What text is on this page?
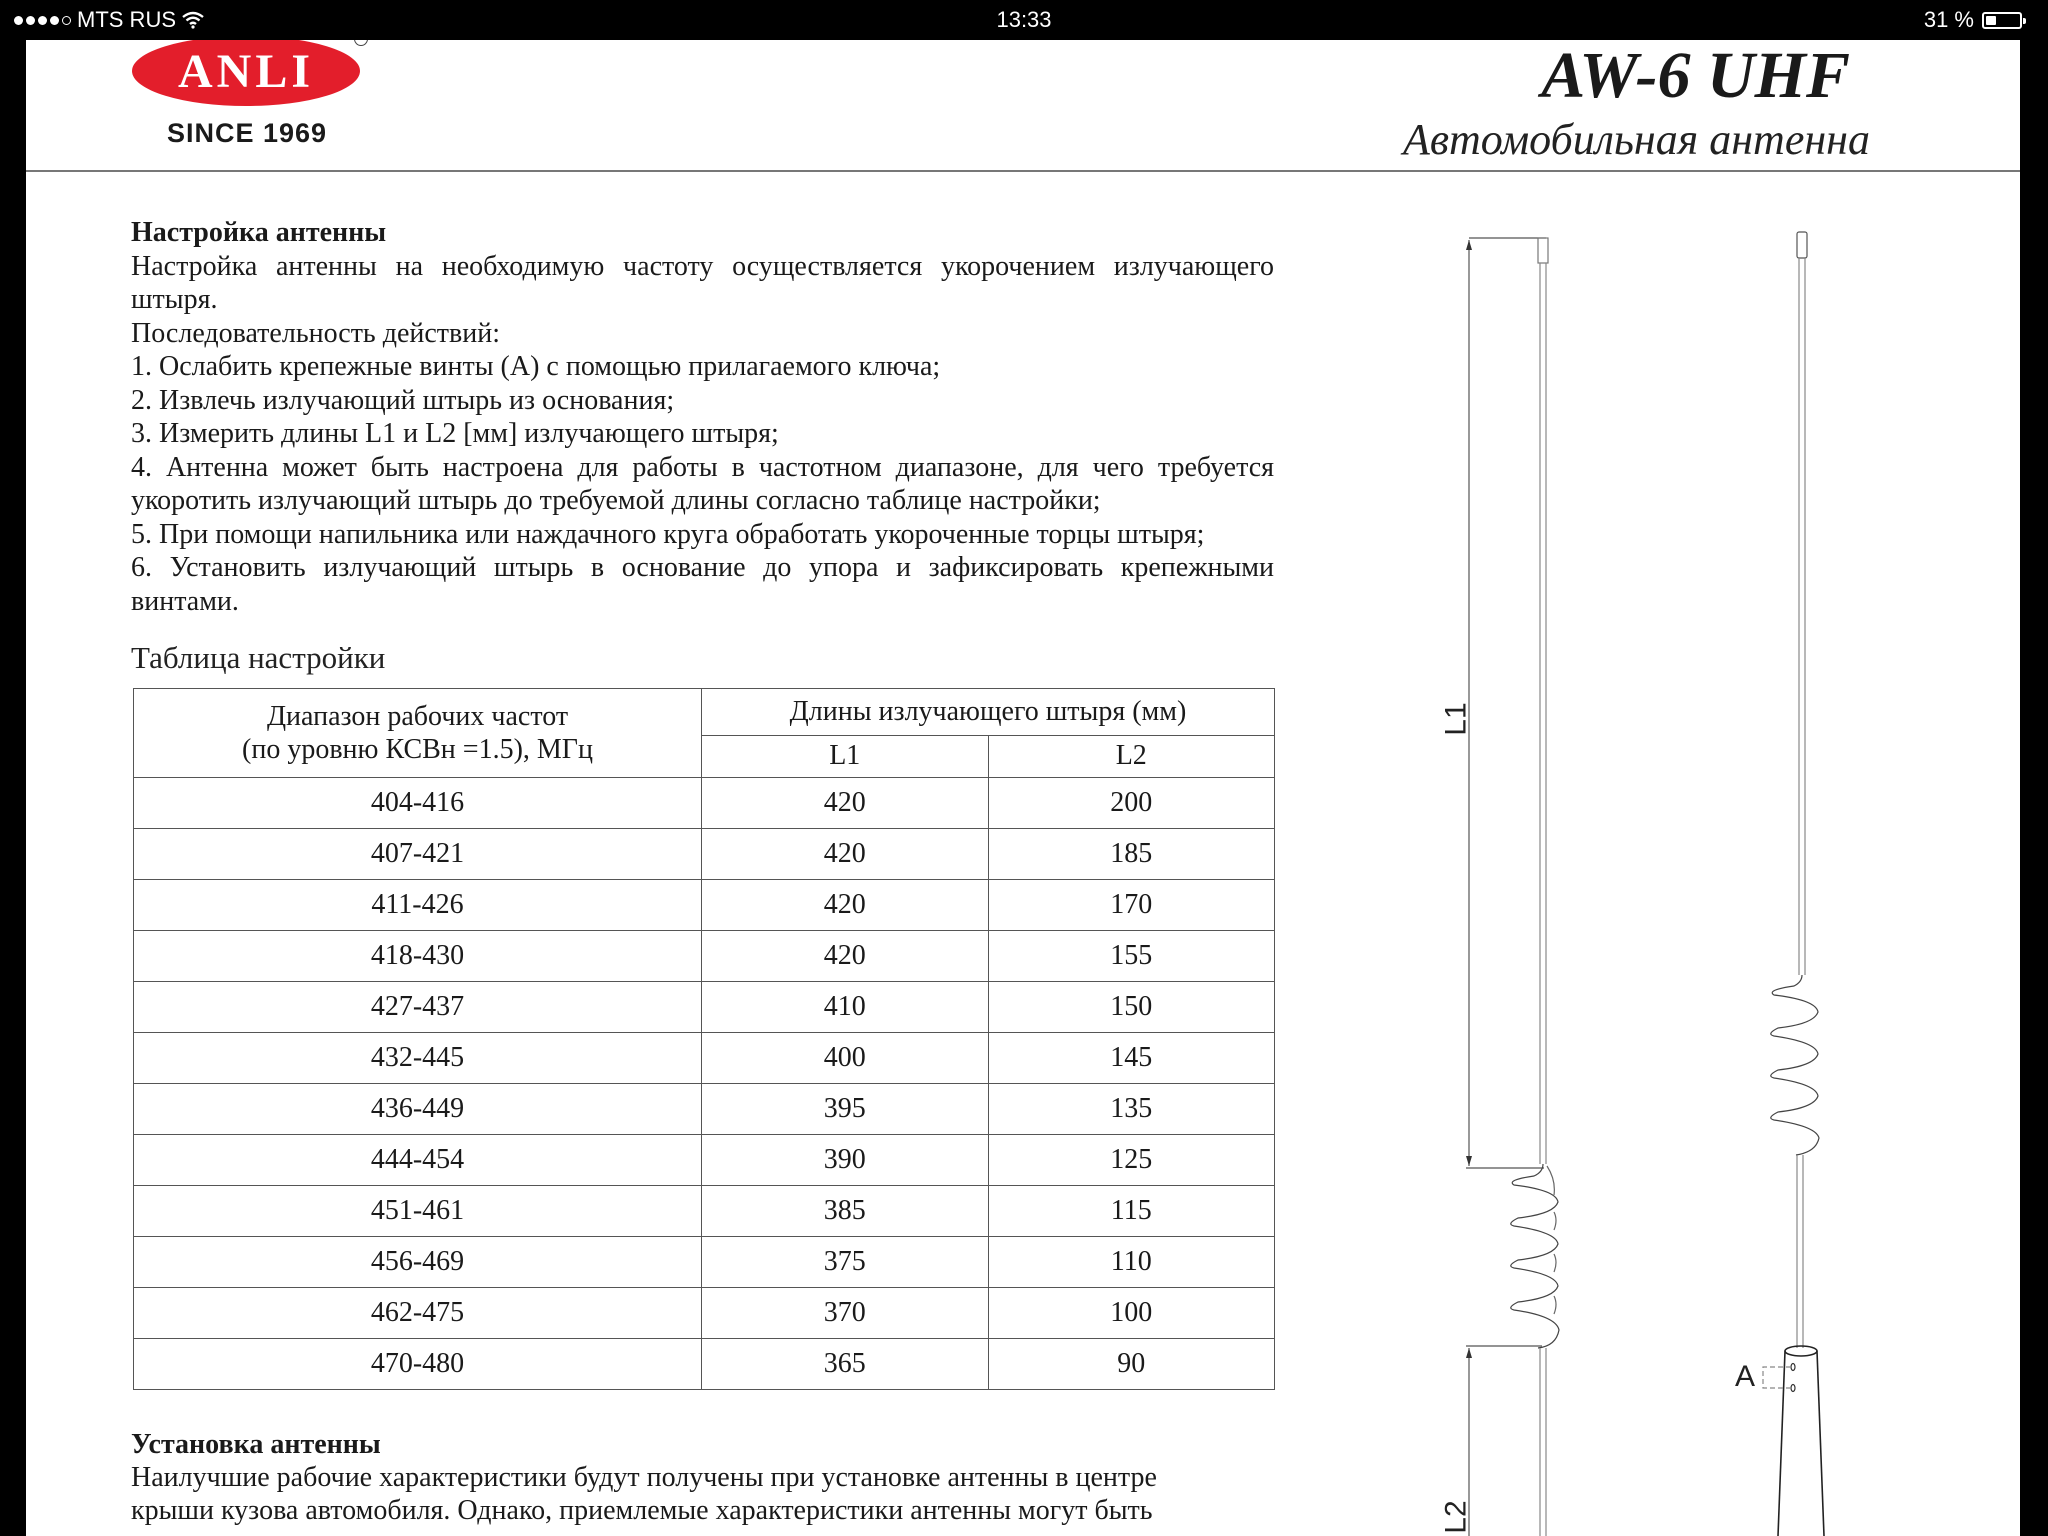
MTS RUS	13:33	31 %
ANLI
SINCE 1969
AW-6 UHF
Автомобильная антенна

Настройка антенны

Настройка антенны на необходимую частоту осуществляется укорочением излучающего штыря.

Последовательность действий:

1. Ослабить крепежные винты (А) с помощью прилагаемого ключа;

2. Извлечь излучающий штырь из основания;

3. Измерить длины L1 и L2 [мм] излучающего штыря;

4. Антенна может быть настроена для работы в частотном диапазоне, для чего требуется укоротить излучающий штырь до требуемой длины согласно таблице настройки;

5. При помощи напильника или наждачного круга обработать укороченные торцы штыря;

6. Установить излучающий штырь в основание до упора и зафиксировать крепежными винтами.

Таблица настройки
Диапазон рабочих частот
(по уровню КСВн =1.5), МГц	Длины излучающего штыря (мм)	
	L1	L2
404-416	420	200
407-421	420	185
411-426	420	170
418-430	420	155
427-437	410	150
432-445	400	145
436-449	395	135
444-454	390	125
451-461	385	115
456-469	375	110
462-475	370	100
470-480	365	90

Установка антенны

Наилучшие рабочие характеристики будут получены при установке антенны в центре

крыши кузова автомобиля. Однако, приемлемые характеристики антенны могут быть

L1
L2
A
